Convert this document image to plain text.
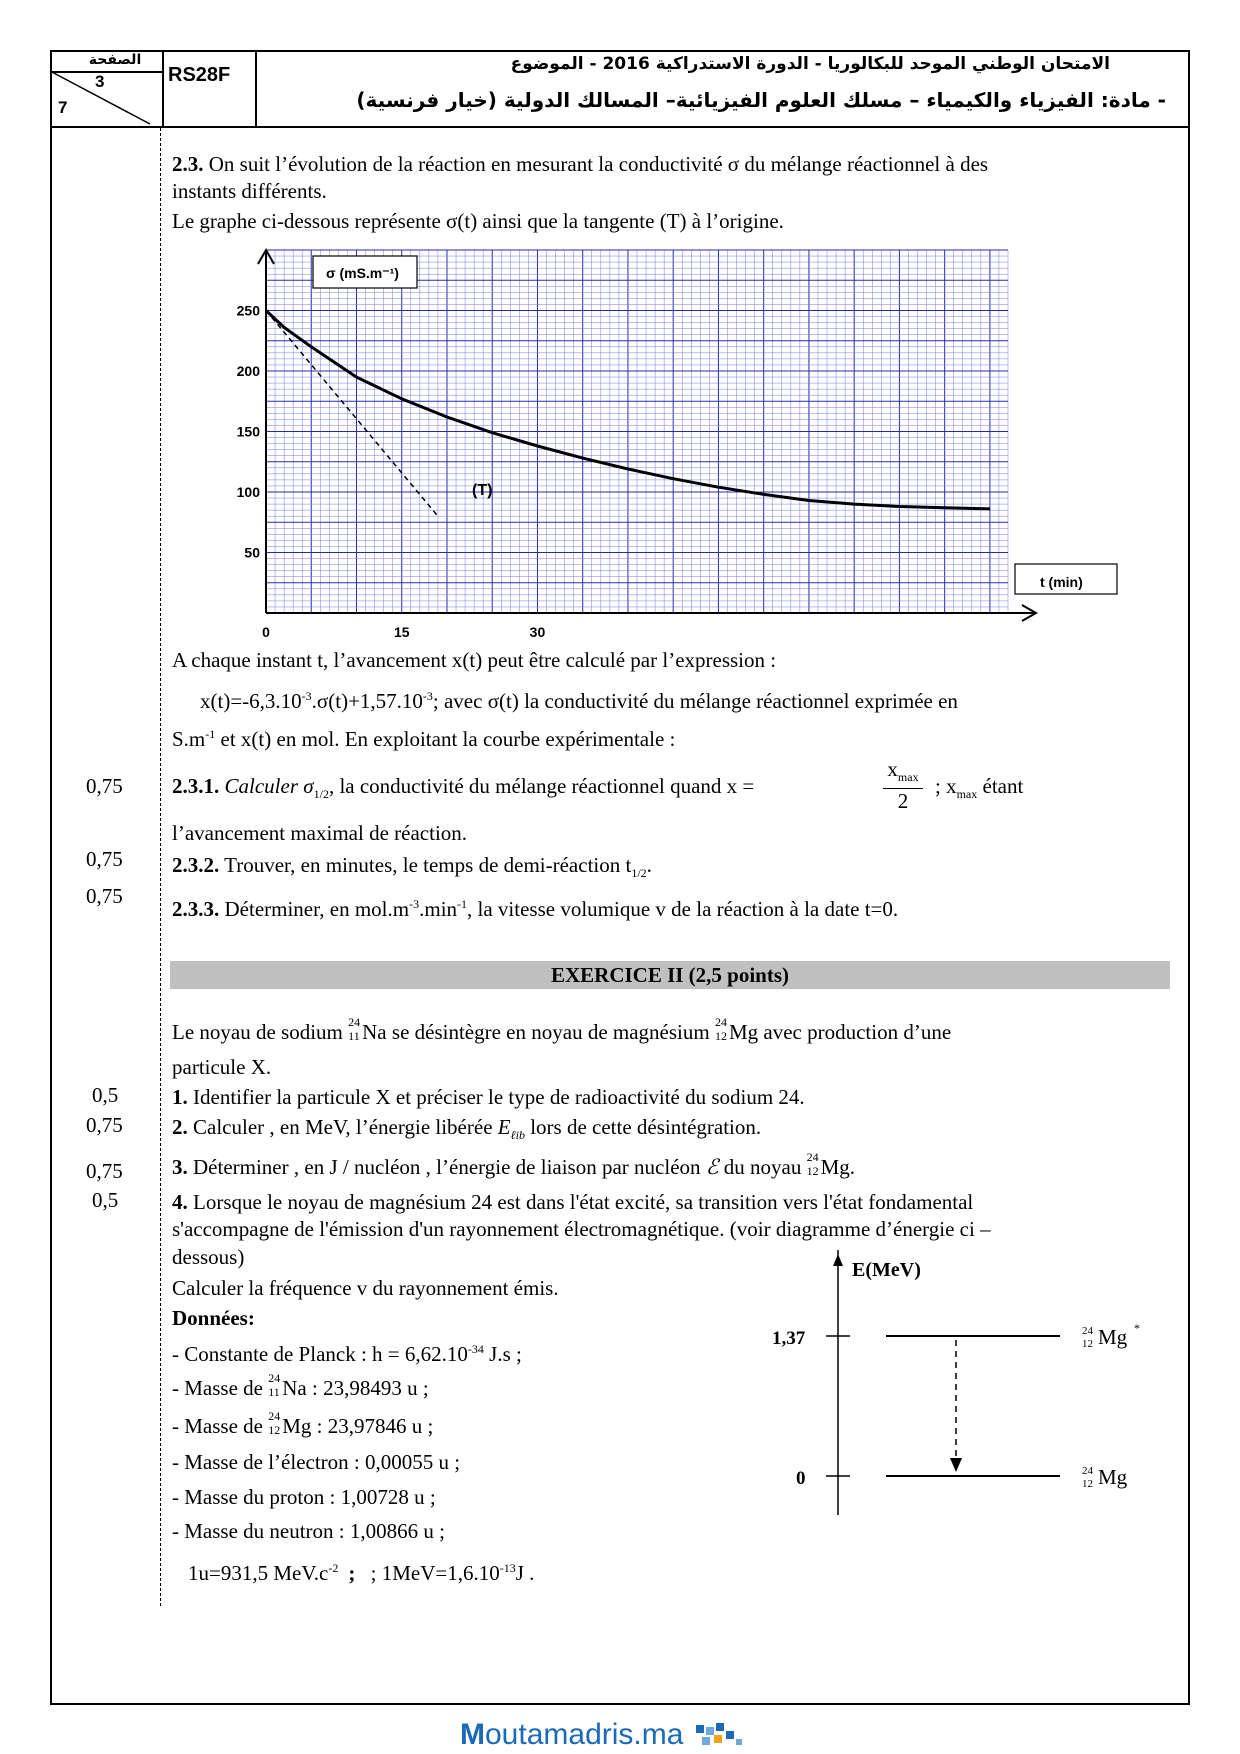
الصفحة
3
7
RS28F	الامتحان الوطني الموحد للبكالوريا - الدورة الاستدراكية 2016 - الموضوع
- مادة: الفيزياء والكيمياء – مسلك العلوم الفيزيائية– المسالك الدولية (خيار فرنسية)
2.3. On suit l’évolution de la réaction en mesurant la conductivité σ du mélange réactionnel à des
instants différents.
Le graphe ci-dessous représente σ(t) ainsi que la tangente (T) à l’origine.
250
200
150
100
50
0	15	30
σ (mS.m⁻¹)
t (min)
(T)
A chaque instant t, l’avancement x(t) peut être calculé par l’expression :
$x(t)=-6,3.10^{-3}.\sigma(t)+1,57.10^{-3}$; avec σ(t) la conductivité du mélange réactionnel exprimée en
$S.m^{-1}$ et x(t) en mol. En exploitant la courbe expérimentale :
0,75 2.3.1. Calculer $\sigma_{1/2}$, la conductivité du mélange réactionnel quand x =
$x_{max}$
2
; $x_{max}$ étant
l’avancement maximal de réaction.
0,75 2.3.2. Trouver, en minutes, le temps de demi-réaction $t_{1/2}$.
0,75
2.3.3. Déterminer, en $mol.m^{-3}.\min^{-1}$, la vitesse volumique v de la réaction à la date t=0.
EXERCICE II (2,5 points)
Le noyau de sodium 24
11 Na se désintègre en noyau de magnésium 24
12 Mg avec production d’une
particule X.
0,5	1. Identifier la particule X et préciser le type de radioactivité du sodium 24.
0,75 2. Calculer , en MeV, l’énergie libérée $E_{\ell ib}$ lors de cette désintégration.
0,75 3. Déterminer , en J / nucléon , l’énergie de liaison par nucléon ℰ du noyau 24
12 Mg.
0,5	4. Lorsque le noyau de magnésium 24 est dans l'état excité, sa transition vers l'état fondamental
s'accompagne de l'émission d'un rayonnement électromagnétique. (voir diagramme d’énergie ci –
dessous)
Calculer la fréquence v du rayonnement émis.
Données:
- Constante de Planck : $h = 6,62.10^{-34}$ J.s ;
- Masse de 24
11 Na : 23,98493 u ;
- Masse de 24
12 Mg : 23,97846 u ;
- Masse de l’électron : 0,00055 u ;
- Masse du proton : 1,00728 u ;
- Masse du neutron : 1,00866 u ;
1u=931,5 $MeV.c^{-2}$ ; ; $1MeV=1,6.10^{-13}J$ .
E(MeV)
1,37
0
24
12 Mg *
24
12 Mg
Moutamadris.ma
